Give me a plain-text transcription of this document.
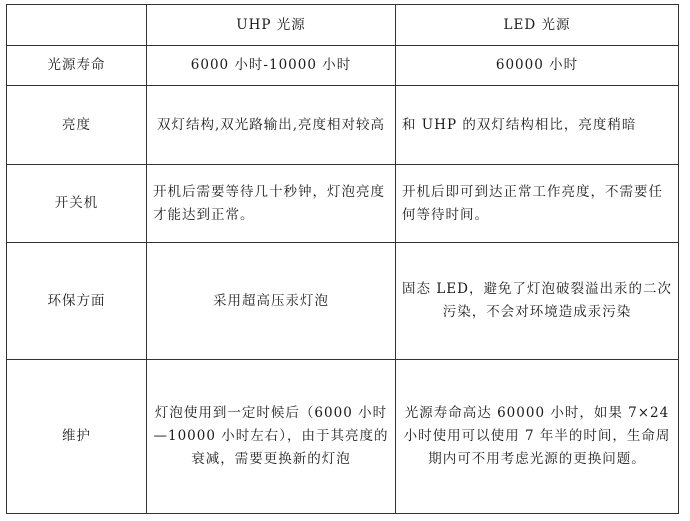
	UHP 光源	LED 光源
光源寿命	6000 小时-10000 小时	60000 小时
亮度	双灯结构,双光路输出,亮度相对较高	和 UHP 的双灯结构相比，亮度稍暗
开关机	开机后需要等待几十秒钟，灯泡亮度才能达到正常。	开机后即可到达正常工作亮度，不需要任何等待时间。
环保方面	采用超高压汞灯泡	固态 LED，避免了灯泡破裂溢出汞的二次污染，不会对环境造成汞污染
维护	灯泡使用到一定时候后（6000 小时—10000 小时左右），由于其亮度的衰减，需要更换新的灯泡	光源寿命高达 60000 小时，如果 7×24 小时使用可以使用 7 年半的时间，生命周期内可不用考虑光源的更换问题。
